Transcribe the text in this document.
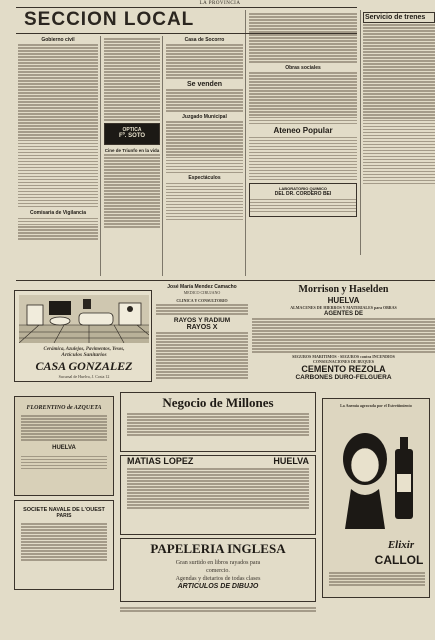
LA PROVINCIA
SECCION LOCAL
Gobierno civil
Comisaria de Vigilancia
OPTICA
Fº. SOTO
Cine de Triunfo en la vida
Casa de Socorro
Se venden
Juzgado Municipal
Espectáculos
Obras sociales
Ateneo Popular
LABORATORIO QUIMICO
DEL DR. CORDERO BEI
Servicio de trenes
Cerámica, Azulejos, Pavimentos, Yesos,
Artículos Sanitarios
CASA GONZALEZ
Sucursal de Huelva, J. Costa 12
José María Mendez Camacho
MEDICO CIRUJANO
CLINICA Y CONSULTORIO
RAYOS Y RADIUM
RAYOS X
Morrison y Haselden
HUELVA
ALMACENES DE HIERROS Y MATERIALES para OBRAS
AGENTES DE
SEGUROS MARITIMOS · SEGUROS contra INCENDIOS
CONSIGNACIONES DE BUQUES
CEMENTO REZOLA
CARBONES DURO-FELGUERA
FLORENTINO de AZQUETA
HUELVA
Negocio de Millones
MATIAS LOPEZ	HUELVA
SOCIETE NAVALE DE L'OUEST
PARIS
PAPELERIA INGLESA
Gran surtido en libros rayados para
comercio.
Agendas y dietarios de todas clases
ARTICULOS DE DIBUJO
La Anemia agravada por el Estreñimiento
Elixir
CALLOL
